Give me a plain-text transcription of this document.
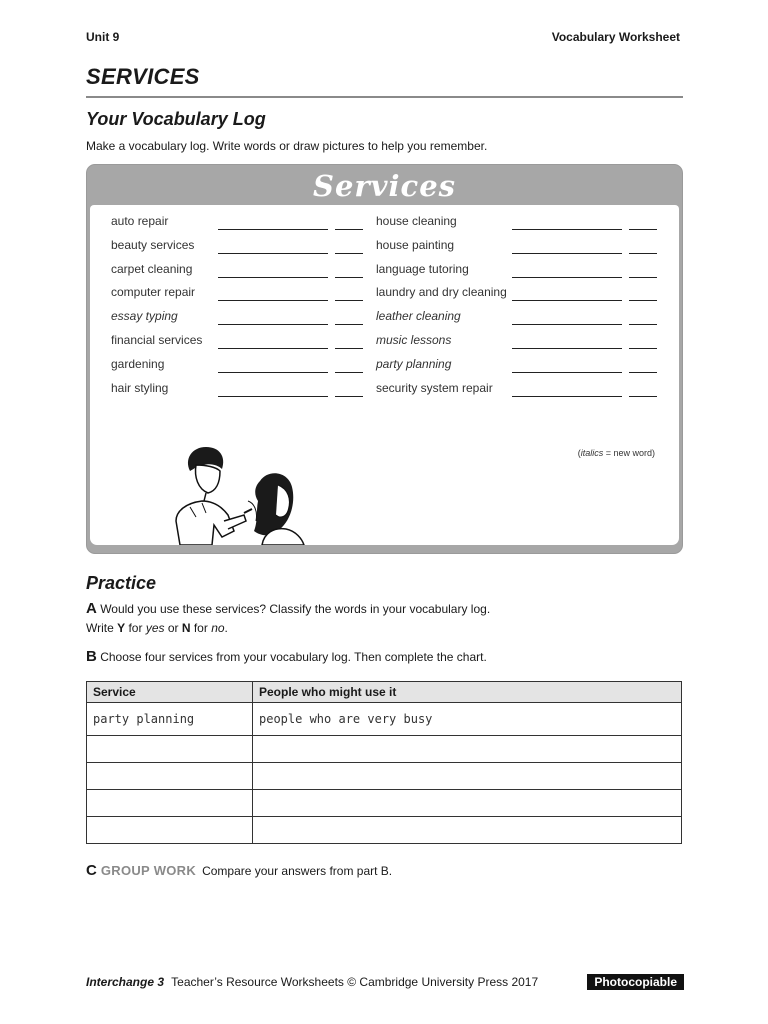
Unit 9	Vocabulary Worksheet
SERVICES
Your Vocabulary Log
Make a vocabulary log. Write words or draw pictures to help you remember.
Services
auto repair
beauty services
carpet cleaning
computer repair
essay typing
financial services
gardening
hair styling
house cleaning
house painting
language tutoring
laundry and dry cleaning
leather cleaning
music lessons
party planning
security system repair
(italics = new word)
Practice
A Would you use these services? Classify the words in your vocabulary log.
Write Y for yes or N for no.
B Choose four services from your vocabulary log. Then complete the chart.
Service	People who might use it
party planning	people who are very busy

C GROUP WORK Compare your answers from part B.
Interchange 3 Teacher’s Resource Worksheets © Cambridge University Press 2017	Photocopiable
